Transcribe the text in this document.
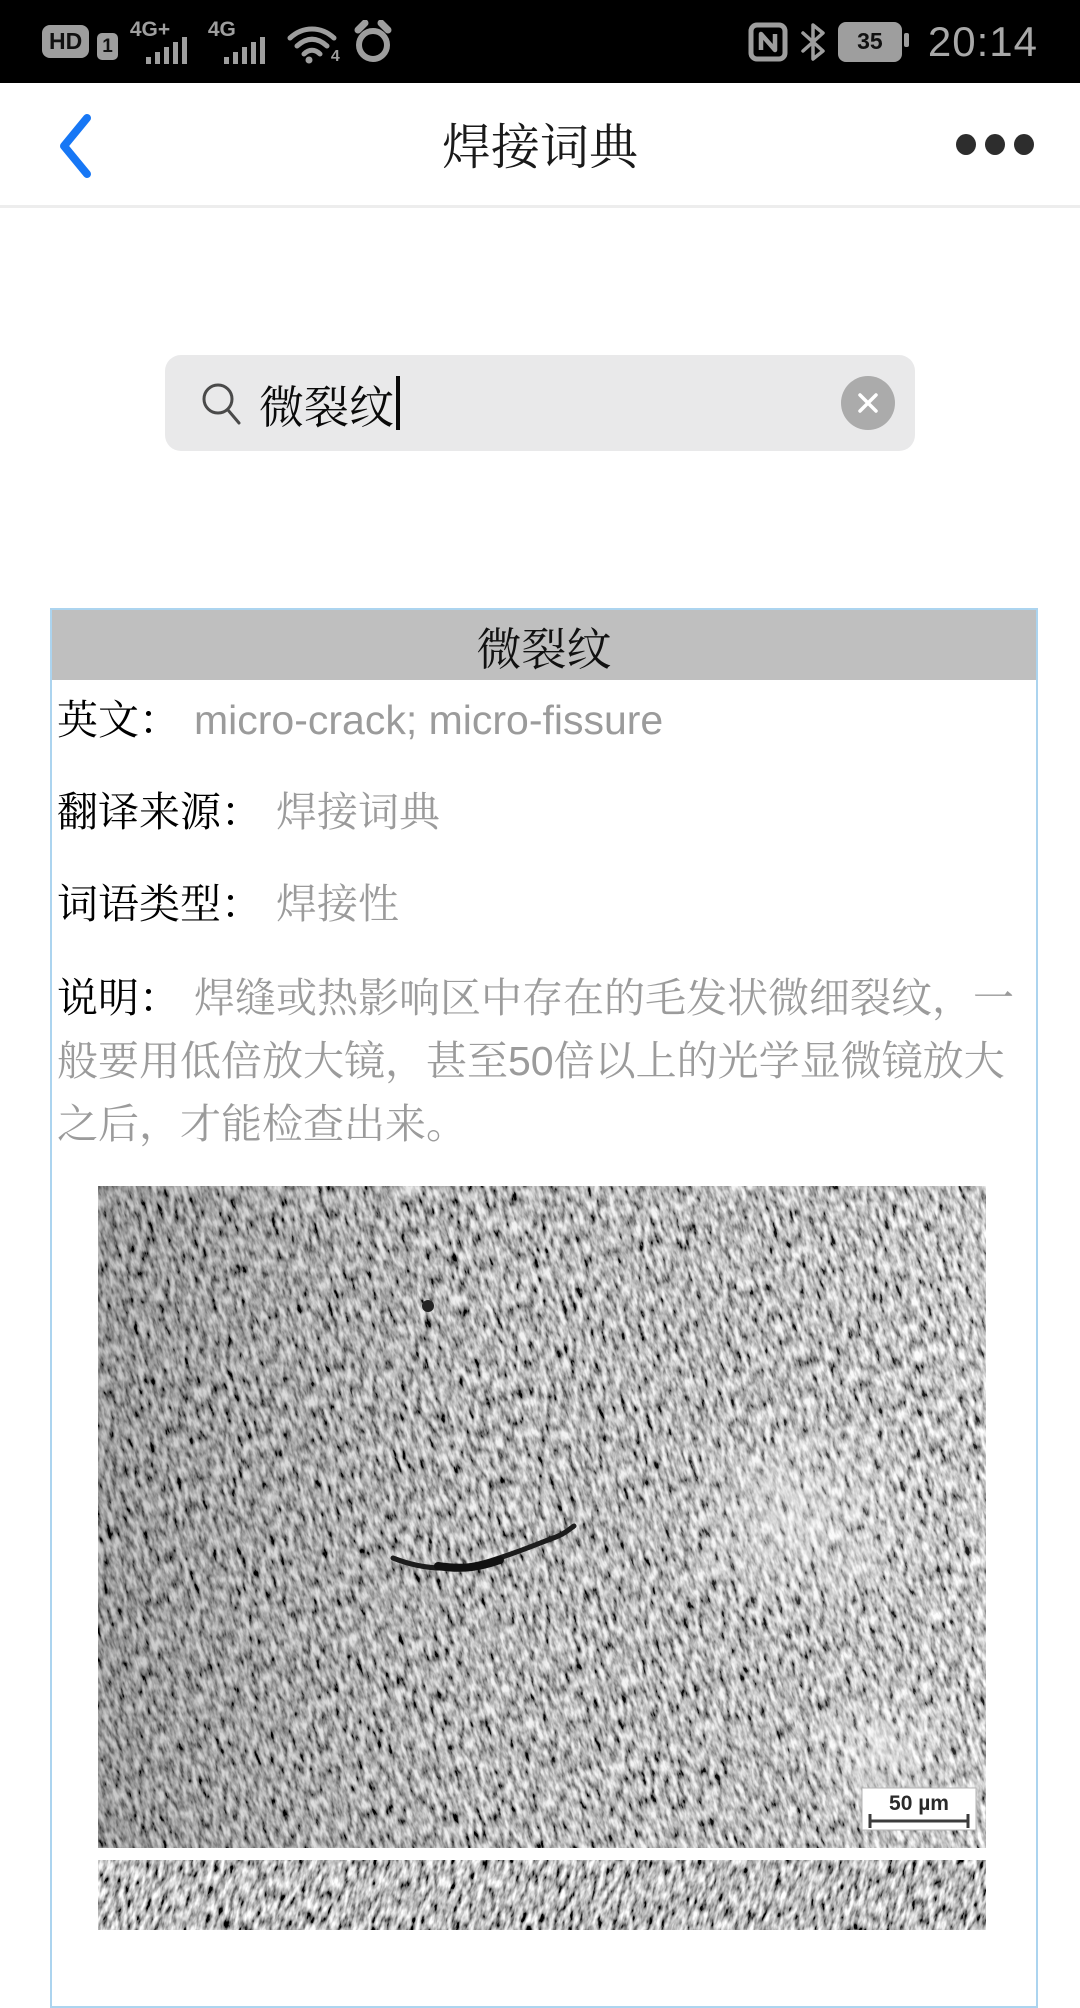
HD	1
4G+ 4G
4
35 20:14
焊接词典
微裂纹
微裂纹

英文： micro-crack; micro-fissure

翻译来源： 焊接词典

词语类型： 焊接性

说明： 焊缝或热影响区中存在的毛发状微细裂纹，一般要用低倍放大镜，甚至50倍以上的光学显微镜放大之后，才能检查出来。

50 µm
